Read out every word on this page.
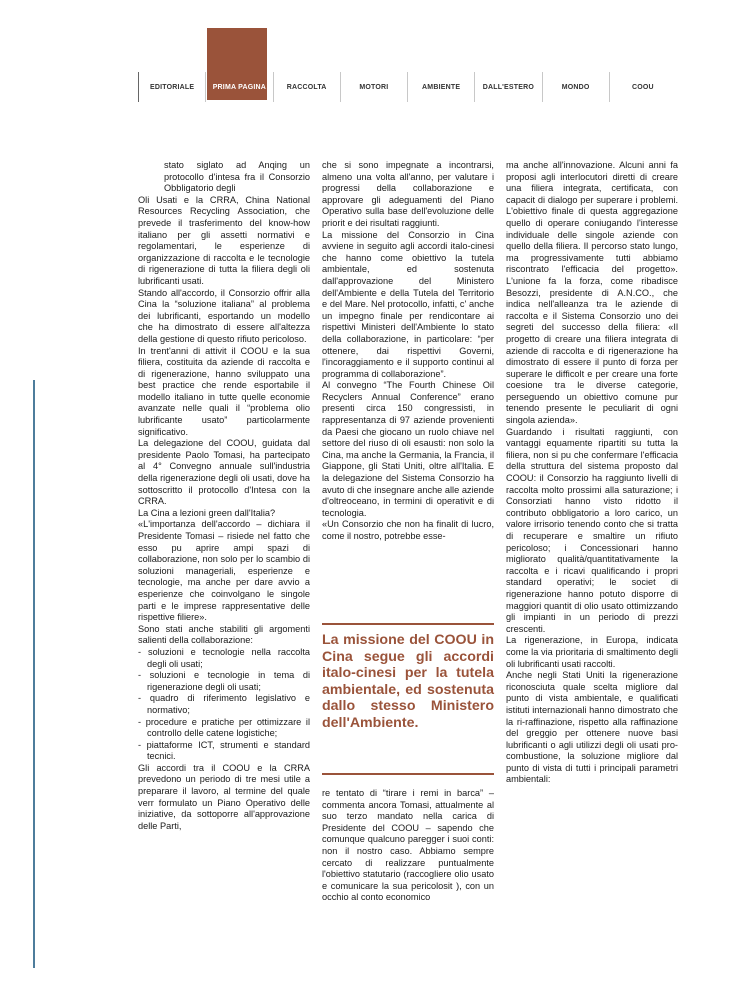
EDITORIALE	PRIMA PAGINA	RACCOLTA	MOTORI	AMBIENTE	DALL'ESTERO	MONDO	COOU

stato siglato ad Anqing un protocollo d'intesa fra il Consorzio Obbligatorio degli

Oli Usati e la CRRA, China National Resources Recycling Association, che prevede il trasferimento del know-how italiano per gli assetti normativi e regolamentari, le esperienze di organizzazione di raccolta e le tecnologie di rigenerazione di tutta la filiera degli oli lubrificanti usati.

Stando all'accordo, il Consorzio offrir alla Cina la “soluzione italiana” al problema dei lubrificanti, esportando un modello che ha dimostrato di essere all'altezza della gestione di questo rifiuto pericoloso.

In trent'anni di attivit il COOU e la sua filiera, costituita da aziende di raccolta e di rigenerazione, hanno sviluppato una best practice che rende esportabile il modello italiano in tutte quelle economie avanzate nelle quali il “problema olio lubrificante usato” particolarmente significativo.

La delegazione del COOU, guidata dal presidente Paolo Tomasi, ha partecipato al 4° Convegno annuale sull'industria della rigenerazione degli oli usati, dove ha sottoscritto il protocollo d'Intesa con la CRRA.

La Cina a lezioni green dall'Italia?

«L'importanza dell'accordo – dichiara il Presidente Tomasi – risiede nel fatto che esso pu aprire ampi spazi di collaborazione, non solo per lo scambio di soluzioni manageriali, esperienze e tecnologie, ma anche per dare avvio a esperienze che coinvolgano le singole parti e le imprese rappresentative delle rispettive filiere».

Sono stati anche stabiliti gli argomenti salienti della collaborazione:

- soluzioni e tecnologie nella raccolta degli oli usati;
- soluzioni e tecnologie in tema di rigenerazione degli oli usati;
- quadro di riferimento legislativo e normativo;
- procedure e pratiche per ottimizzare il controllo delle catene logistiche;
- piattaforme ICT, strumenti e standard tecnici.

Gli accordi tra il COOU e la CRRA prevedono un periodo di tre mesi utile a preparare il lavoro, al termine del quale verr formulato un Piano Operativo delle iniziative, da sottoporre all'approvazione delle Parti,

che si sono impegnate a incontrarsi, almeno una volta all'anno, per valutare i progressi della collaborazione e approvare gli adeguamenti del Piano Operativo sulla base dell'evoluzione delle priorit e dei risultati raggiunti.

La missione del Consorzio in Cina avviene in seguito agli accordi italo-cinesi che hanno come obiettivo la tutela ambientale, ed sostenuta dall'approvazione del Ministero dell'Ambiente e della Tutela del Territorio e del Mare. Nel protocollo, infatti, c' anche un impegno finale per rendicontare ai rispettivi Ministeri dell'Ambiente lo stato della collaborazione, in particolare: “per ottenere, dai rispettivi Governi, l'incoraggiamento e il supporto continui al programma di collaborazione”.

Al convegno “The Fourth Chinese Oil Recyclers Annual Conference” erano presenti circa 150 congressisti, in rappresentanza di 97 aziende provenienti da Paesi che giocano un ruolo chiave nel settore del riuso di oli esausti: non solo la Cina, ma anche la Germania, la Francia, il Giappone, gli Stati Uniti, oltre all'Italia. E la delegazione del Sistema Consorzio ha avuto di che insegnare anche alle aziende d'oltreoceano, in termini di operativit e di tecnologia.

«Un Consorzio che non ha finalit di lucro, come il nostro, potrebbe esse-

La missione del COOU in Cina segue gli accordi italo-cinesi per la tutela ambientale, ed sostenuta dallo stesso Ministero dell'Ambiente.

re tentato di “tirare i remi in barca” – commenta ancora Tomasi, attualmente al suo terzo mandato nella carica di Presidente del COOU – sapendo che comunque qualcuno paregger i suoi conti: non il nostro caso. Abbiamo sempre cercato di realizzare puntualmente l'obiettivo statutario (raccogliere olio usato e comunicare la sua pericolosit ), con un occhio al conto economico

ma anche all'innovazione. Alcuni anni fa proposi agli interlocutori diretti di creare una filiera integrata, certificata, con capacit di dialogo per superare i problemi. L'obiettivo finale di questa aggregazione quello di operare coniugando l'interesse individuale delle singole aziende con quello della filiera. Il percorso stato lungo, ma progressivamente tutti abbiamo riscontrato l'efficacia del progetto». L'unione fa la forza, come ribadisce Besozzi, presidente di A.N.CO., che indica nell'alleanza tra le aziende di raccolta e il Sistema Consorzio uno dei segreti del successo della filiera: «Il progetto di creare una filiera integrata di aziende di raccolta e di rigenerazione ha dimostrato di essere il punto di forza per superare le difficolt e per creare una forte coesione tra le diverse categorie, perseguendo un obiettivo comune pur tenendo presente le peculiarit di ogni singola azienda».

Guardando i risultati raggiunti, con vantaggi equamente ripartiti su tutta la filiera, non si pu che confermare l'efficacia della struttura del sistema proposto dal COOU: il Consorzio ha raggiunto livelli di raccolta molto prossimi alla saturazione; i Consorziati hanno visto ridotto il contributo obbligatorio a loro carico, un valore irrisorio tenendo conto che si tratta di recuperare e smaltire un rifiuto pericoloso; i Concessionari hanno migliorato qualità/quantitativamente la raccolta e i ricavi qualificando i propri standard operativi; le societ di rigenerazione hanno potuto disporre di maggiori quantit di olio usato ottimizzando gli impianti in un periodo di prezzi crescenti.

La rigenerazione, in Europa, indicata come la via prioritaria di smaltimento degli oli lubrificanti usati raccolti.

Anche negli Stati Uniti la rigenerazione riconosciuta quale scelta migliore dal punto di vista ambientale, e qualificati istituti internazionali hanno dimostrato che la ri-raffinazione, rispetto alla raffinazione del greggio per ottenere nuove basi lubrificanti o agli utilizzi degli oli usati pro-combustione, la soluzione migliore dal punto di vista di tutti i principali parametri ambientali:
